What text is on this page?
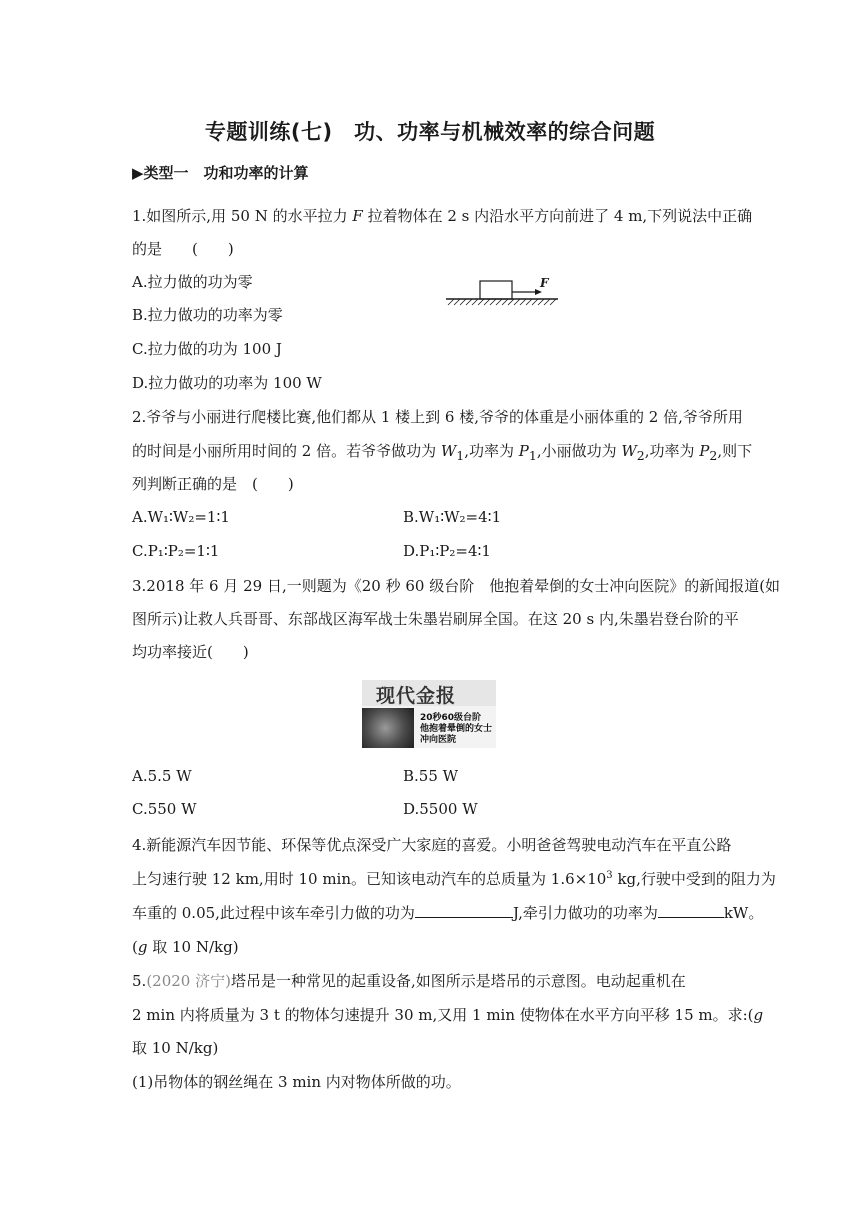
专题训练(七)　功、功率与机械效率的综合问题
▶类型一　功和功率的计算
1.如图所示,用 50 N 的水平拉力 F 拉着物体在 2 s 内沿水平方向前进了 4 m,下列说法中正确
的是　　(　　)
A.拉力做的功为零
B.拉力做功的功率为零
C.拉力做的功为 100 J
D.拉力做功的功率为 100 W
F
2.爷爷与小丽进行爬楼比赛,他们都从 1 楼上到 6 楼,爷爷的体重是小丽体重的 2 倍,爷爷所用
的时间是小丽所用时间的 2 倍。若爷爷做功为 $W_1$,功率为 $P_1$,小丽做功为 $W_2$,功率为 $P_2$,则下
列判断正确的是　(　　)
A.W₁∶W₂=1∶1	B.W₁∶W₂=4∶1
C.P₁∶P₂=1∶1	D.P₁∶P₂=4∶1
3.2018 年 6 月 29 日,一则题为《20 秒 60 级台阶　他抱着晕倒的女士冲向医院》的新闻报道(如
图所示)让救人兵哥哥、东部战区海军战士朱墨岩刷屏全国。在这 20 s 内,朱墨岩登台阶的平
均功率接近(　　)
现代金报
20秒60级台阶
他抱着晕倒的女士
冲向医院
A.5.5 W	B.55 W
C.550 W	D.5500 W
4.新能源汽车因节能、环保等优点深受广大家庭的喜爱。小明爸爸驾驶电动汽车在平直公路
上匀速行驶 12 km,用时 10 min。已知该电动汽车的总质量为 $1.6\times 10^3$ kg,行驶中受到的阻力为
车重的 0.05,此过程中该车牵引力做的功为	J,牵引力做功的功率为	kW。
(g 取 10 N/kg)
5.(2020 济宁)塔吊是一种常见的起重设备,如图所示是塔吊的示意图。电动起重机在
2 min 内将质量为 3 t 的物体匀速提升 30 m,又用 1 min 使物体在水平方向平移 15 m。求:(g
取 10 N/kg)
(1)吊物体的钢丝绳在 3 min 内对物体所做的功。
